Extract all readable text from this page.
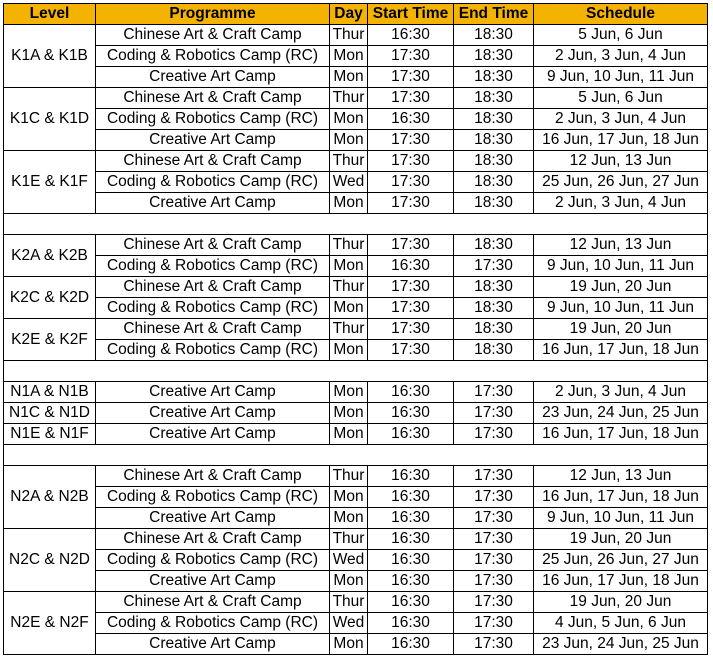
Level	Programme	Day	Start Time	End Time	Schedule
K1A & K1B	Chinese Art & Craft Camp	Thur	16:30	18:30	5 Jun, 6 Jun
	Coding & Robotics Camp (RC)	Mon	17:30	18:30	2 Jun, 3 Jun, 4 Jun
	Creative Art Camp	Mon	17:30	18:30	9 Jun, 10 Jun, 11 Jun
K1C & K1D	Chinese Art & Craft Camp	Thur	17:30	18:30	5 Jun, 6 Jun
	Coding & Robotics Camp (RC)	Mon	16:30	18:30	2 Jun, 3 Jun, 4 Jun
	Creative Art Camp	Mon	17:30	18:30	16 Jun, 17 Jun, 18 Jun
K1E & K1F	Chinese Art & Craft Camp	Thur	17:30	18:30	12 Jun, 13 Jun
	Coding & Robotics Camp (RC)	Wed	17:30	18:30	25 Jun, 26 Jun, 27 Jun
	Creative Art Camp	Mon	17:30	18:30	2 Jun, 3 Jun, 4 Jun

K2A & K2B	Chinese Art & Craft Camp	Thur	17:30	18:30	12 Jun, 13 Jun
	Coding & Robotics Camp (RC)	Mon	16:30	17:30	9 Jun, 10 Jun, 11 Jun
K2C & K2D	Chinese Art & Craft Camp	Thur	17:30	18:30	19 Jun, 20 Jun
	Coding & Robotics Camp (RC)	Mon	17:30	18:30	9 Jun, 10 Jun, 11 Jun
K2E & K2F	Chinese Art & Craft Camp	Thur	17:30	18:30	19 Jun, 20 Jun
	Coding & Robotics Camp (RC)	Mon	17:30	18:30	16 Jun, 17 Jun, 18 Jun

N1A & N1B	Creative Art Camp	Mon	16:30	17:30	2 Jun, 3 Jun, 4 Jun
N1C & N1D	Creative Art Camp	Mon	16:30	17:30	23 Jun, 24 Jun, 25 Jun
N1E & N1F	Creative Art Camp	Mon	16:30	17:30	16 Jun, 17 Jun, 18 Jun

N2A & N2B	Chinese Art & Craft Camp	Thur	16:30	17:30	12 Jun, 13 Jun
	Coding & Robotics Camp (RC)	Mon	16:30	17:30	16 Jun, 17 Jun, 18 Jun
	Creative Art Camp	Mon	16:30	17:30	9 Jun, 10 Jun, 11 Jun
N2C & N2D	Chinese Art & Craft Camp	Thur	16:30	17:30	19 Jun, 20 Jun
	Coding & Robotics Camp (RC)	Wed	16:30	17:30	25 Jun, 26 Jun, 27 Jun
	Creative Art Camp	Mon	16:30	17:30	16 Jun, 17 Jun, 18 Jun
N2E & N2F	Chinese Art & Craft Camp	Thur	16:30	17:30	19 Jun, 20 Jun
	Coding & Robotics Camp (RC)	Wed	16:30	17:30	4 Jun, 5 Jun, 6 Jun
	Creative Art Camp	Mon	16:30	17:30	23 Jun, 24 Jun, 25 Jun
